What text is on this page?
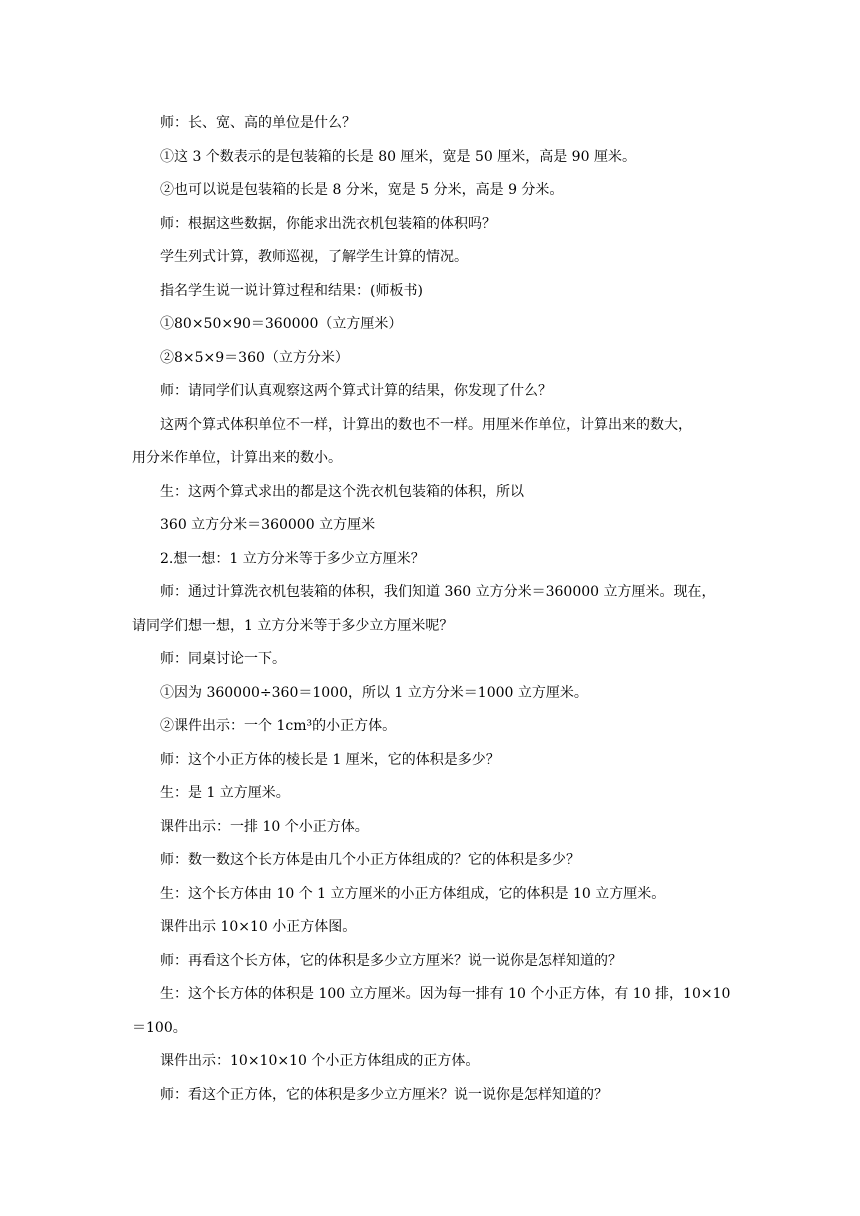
师：长、宽、高的单位是什么？

①这 3 个数表示的是包装箱的长是 80 厘米，宽是 50 厘米，高是 90 厘米。

②也可以说是包装箱的长是 8 分米，宽是 5 分米，高是 9 分米。

师：根据这些数据，你能求出洗衣机包装箱的体积吗？

学生列式计算，教师巡视，了解学生计算的情况。

指名学生说一说计算过程和结果：(师板书)

①80×50×90＝360000（立方厘米）

②8×5×9＝360（立方分米）

师：请同学们认真观察这两个算式计算的结果，你发现了什么？

这两个算式体积单位不一样，计算出的数也不一样。用厘米作单位，计算出来的数大，

用分米作单位，计算出来的数小。

生：这两个算式求出的都是这个洗衣机包装箱的体积，所以

360 立方分米＝360000 立方厘米

2.想一想：1 立方分米等于多少立方厘米？

师：通过计算洗衣机包装箱的体积，我们知道 360 立方分米＝360000 立方厘米。现在，

请同学们想一想，1 立方分米等于多少立方厘米呢？

师：同桌讨论一下。

①因为 360000÷360＝1000，所以 1 立方分米＝1000 立方厘米。

②课件出示：一个 1cm³的小正方体。

师：这个小正方体的棱长是 1 厘米，它的体积是多少？

生：是 1 立方厘米。

课件出示：一排 10 个小正方体。

师：数一数这个长方体是由几个小正方体组成的？它的体积是多少？

生：这个长方体由 10 个 1 立方厘米的小正方体组成，它的体积是 10 立方厘米。

课件出示 10×10 小正方体图。

师：再看这个长方体，它的体积是多少立方厘米？说一说你是怎样知道的？

生：这个长方体的体积是 100 立方厘米。因为每一排有 10 个小正方体，有 10 排，10×10

＝100。

课件出示：10×10×10 个小正方体组成的正方体。

师：看这个正方体，它的体积是多少立方厘米？说一说你是怎样知道的？
